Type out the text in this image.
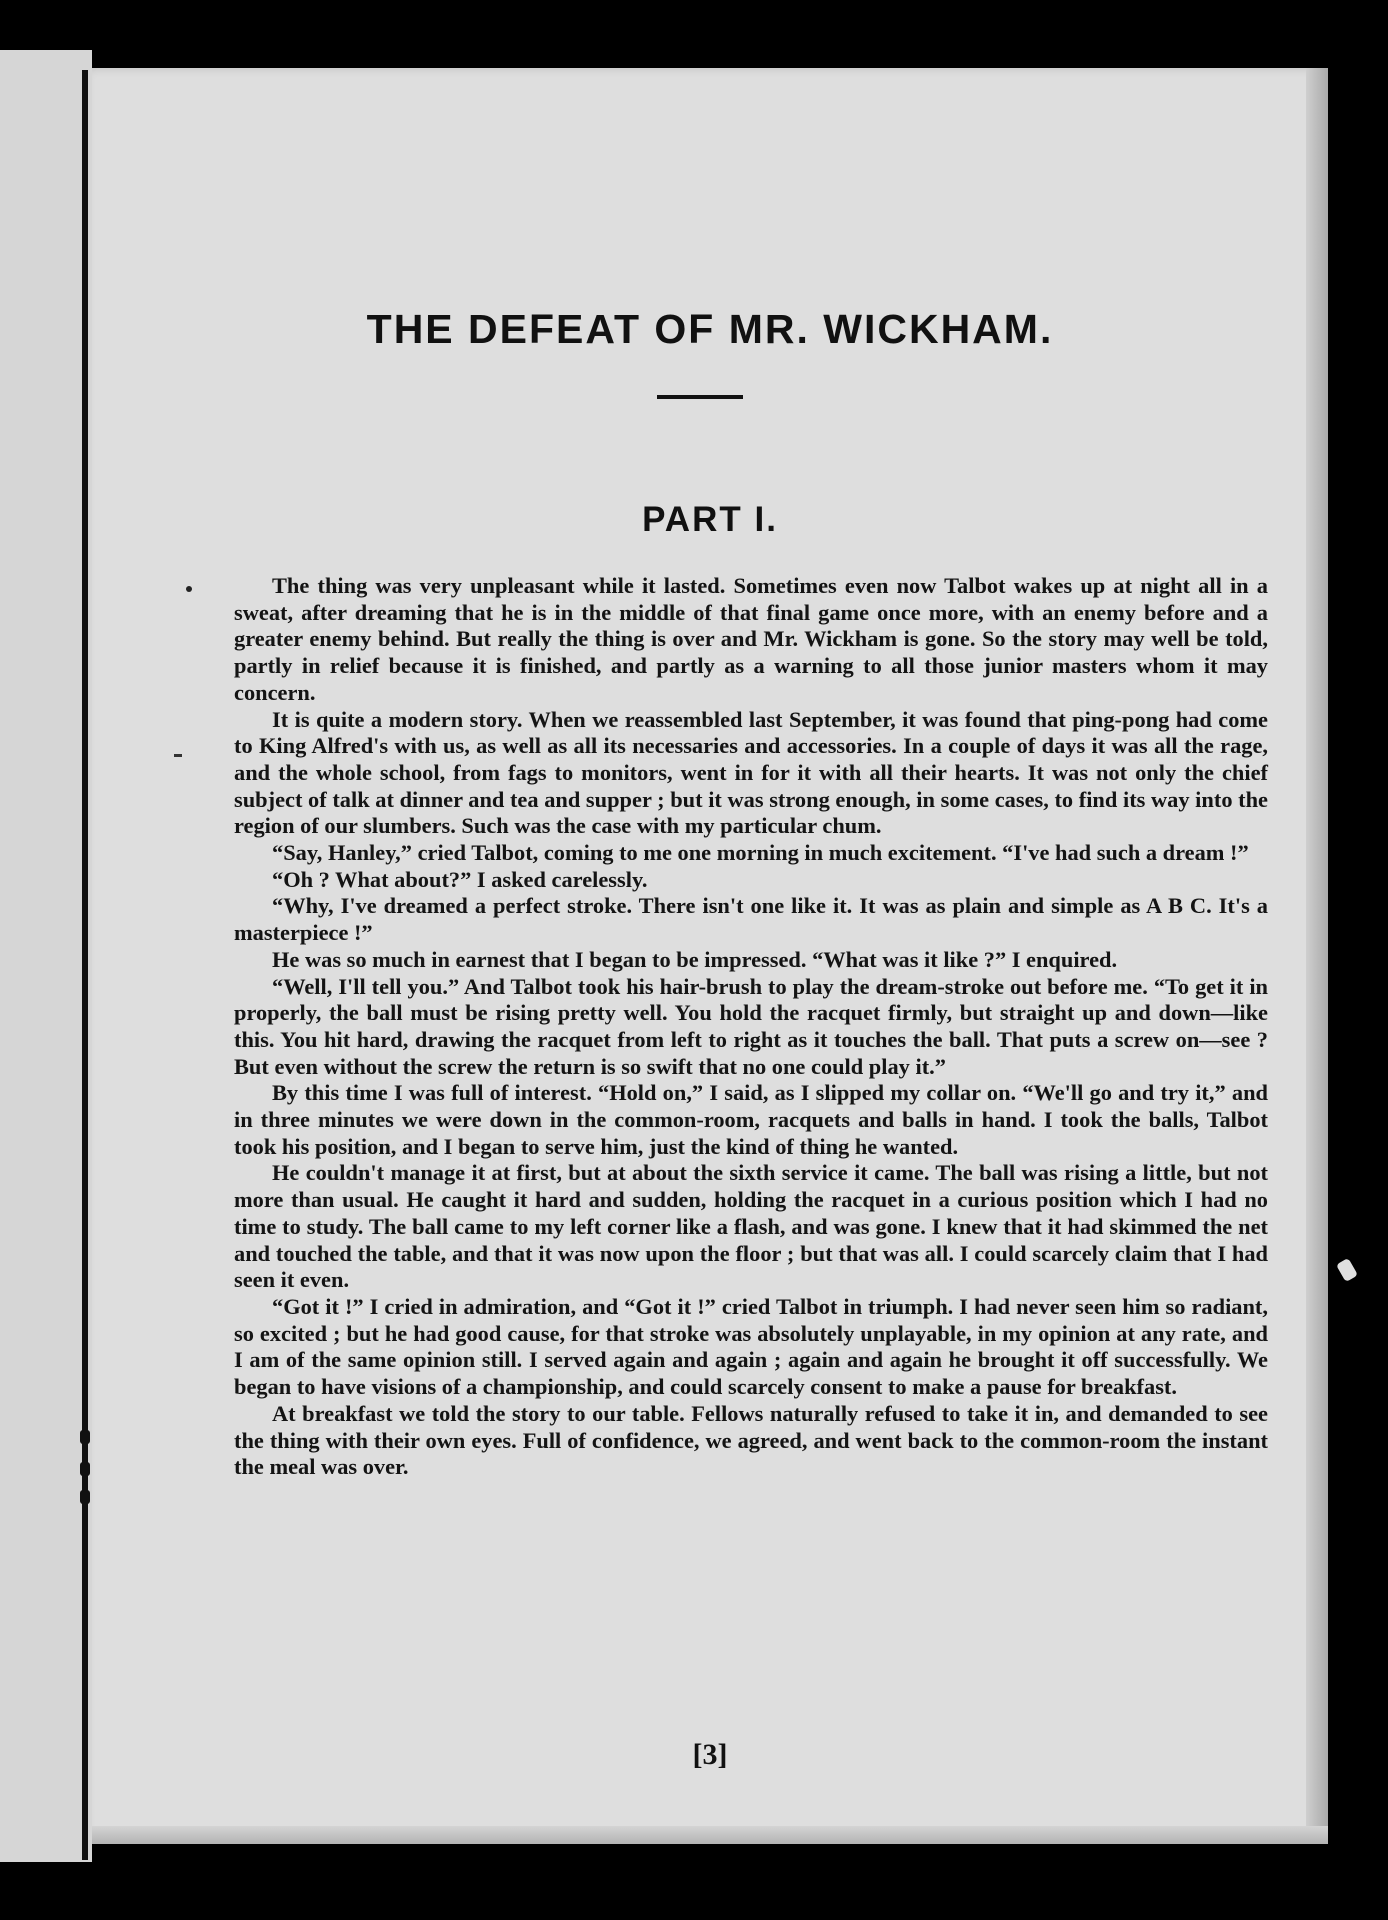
THE DEFEAT OF MR. WICKHAM.
PART I.

The thing was very unpleasant while it lasted. Sometimes even now Talbot wakes up at night all in a sweat, after dreaming that he is in the middle of that final game once more, with an enemy before and a greater enemy behind. But really the thing is over and Mr. Wickham is gone. So the story may well be told, partly in relief because it is finished, and partly as a warning to all those junior masters whom it may concern.

It is quite a modern story. When we reassembled last September, it was found that ping-pong had come to King Alfred's with us, as well as all its necessaries and accessories. In a couple of days it was all the rage, and the whole school, from fags to monitors, went in for it with all their hearts. It was not only the chief subject of talk at dinner and tea and supper ; but it was strong enough, in some cases, to find its way into the region of our slumbers. Such was the case with my particular chum.

“Say, Hanley,” cried Talbot, coming to me one morning in much excitement. “I've had such a dream !”

“Oh ? What about?” I asked carelessly.

“Why, I've dreamed a perfect stroke. There isn't one like it. It was as plain and simple as A B C. It's a masterpiece !”

He was so much in earnest that I began to be impressed. “What was it like ?” I enquired.

“Well, I'll tell you.” And Talbot took his hair-brush to play the dream-stroke out before me. “To get it in properly, the ball must be rising pretty well. You hold the racquet firmly, but straight up and down—like this. You hit hard, drawing the racquet from left to right as it touches the ball. That puts a screw on—see ? But even without the screw the return is so swift that no one could play it.”

By this time I was full of interest. “Hold on,” I said, as I slipped my collar on. “We'll go and try it,” and in three minutes we were down in the common-room, racquets and balls in hand. I took the balls, Talbot took his position, and I began to serve him, just the kind of thing he wanted.

He couldn't manage it at first, but at about the sixth service it came. The ball was rising a little, but not more than usual. He caught it hard and sudden, holding the racquet in a curious position which I had no time to study. The ball came to my left corner like a flash, and was gone. I knew that it had skimmed the net and touched the table, and that it was now upon the floor ; but that was all. I could scarcely claim that I had seen it even.

“Got it !” I cried in admiration, and “Got it !” cried Talbot in triumph. I had never seen him so radiant, so excited ; but he had good cause, for that stroke was absolutely unplayable, in my opinion at any rate, and I am of the same opinion still. I served again and again ; again and again he brought it off successfully. We began to have visions of a championship, and could scarcely consent to make a pause for breakfast.

At breakfast we told the story to our table. Fellows naturally refused to take it in, and demanded to see the thing with their own eyes. Full of confidence, we agreed, and went back to the common-room the instant the meal was over.

[3]
